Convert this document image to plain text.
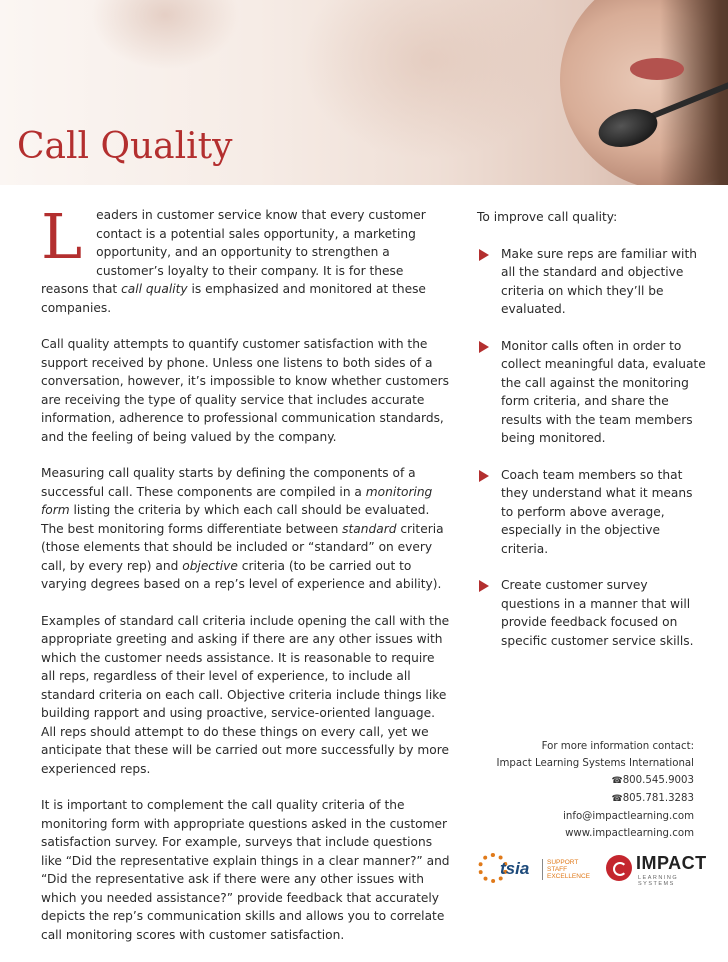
Call Quality

L eaders in customer service know that every customer contact is a potential sales opportunity, a marketing opportunity, and an opportunity to strengthen a customer’s loyalty to their company. It is for these reasons that call quality is emphasized and monitored at these companies.

Call quality attempts to quantify customer satisfaction with the support received by phone. Unless one listens to both sides of a conversation, however, it’s impossible to know whether customers are receiving the type of quality service that includes accurate information, adherence to professional communication standards, and the feeling of being valued by the company.

Measuring call quality starts by defining the components of a successful call. These components are compiled in a monitoring form listing the criteria by which each call should be evaluated. The best monitoring forms differentiate between standard criteria (those elements that should be included or “standard” on every call, by every rep) and objective criteria (to be carried out to varying degrees based on a rep’s level of experience and ability).

Examples of standard call criteria include opening the call with the appropriate greeting and asking if there are any other issues with which the customer needs assistance. It is reasonable to require all reps, regardless of their level of experience, to include all standard criteria on each call. Objective criteria include things like building rapport and using proactive, service-oriented language. All reps should attempt to do these things on every call, yet we anticipate that these will be carried out more successfully by more experienced reps.

It is important to complement the call quality criteria of the monitoring form with appropriate questions asked in the customer satisfaction survey. For example, surveys that include questions like “Did the representative explain things in a clear manner?” and “Did the representative ask if there were any other issues with which you needed assistance?” provide feedback that accurately depicts the rep’s communication skills and allows you to correlate call monitoring scores with customer satisfaction.

To improve call quality:

Make sure reps are familiar with all the standard and objective criteria on which they’ll be evaluated.
Monitor calls often in order to collect meaningful data, evaluate the call against the monitoring form criteria, and share the results with the team members being monitored.
Coach team members so that they understand what it means to perform above average, especially in the objective criteria.
Create customer survey questions in a manner that will provide feedback focused on specific customer service skills.
For more information contact:
Impact Learning Systems International
☎ 800.545.9003
☎ 805.781.3283
info@impactlearning.com
www.impactlearning.com
tsia	SUPPORT STAFF
EXCELLENCE
IMPACT
LEARNING SYSTEMS
